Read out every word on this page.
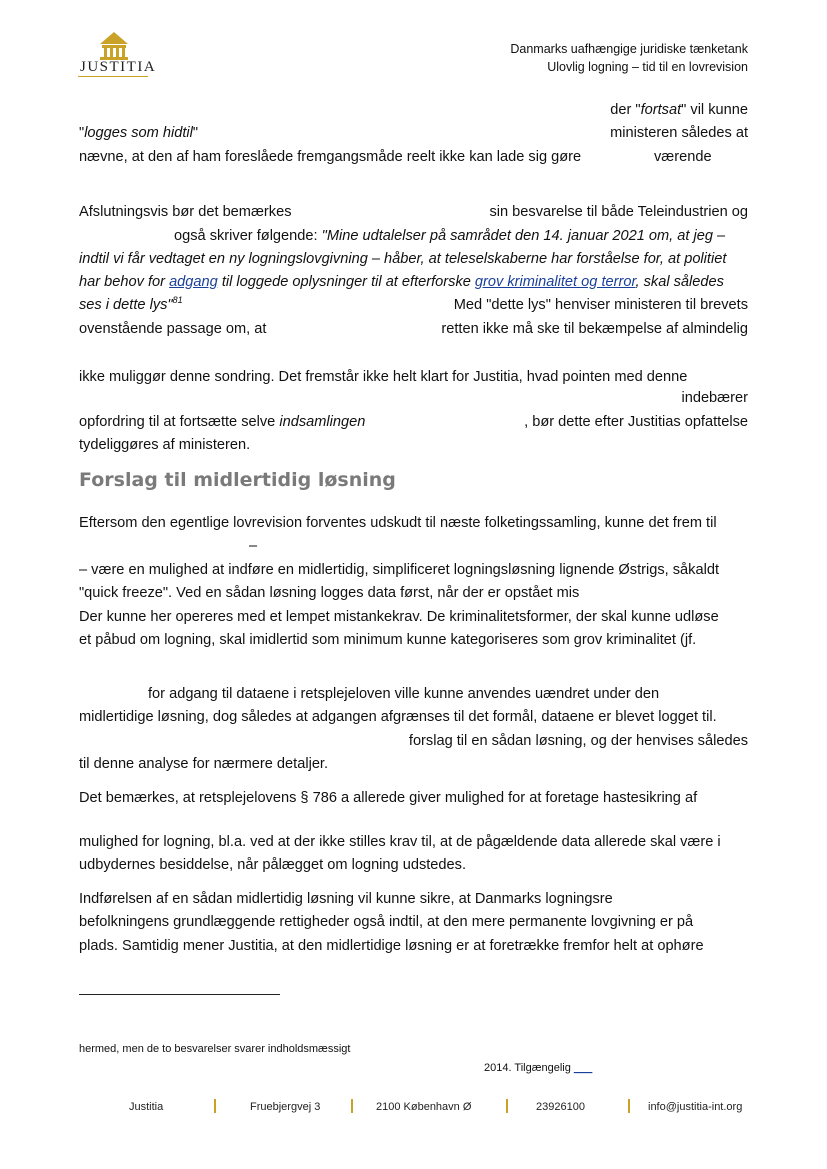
JUSTITIA
Danmarks uafhængige juridiske tænketank
Ulovlig logning – tid til en lovrevision
der "fortsat" vil kunne
"logges som hidtil"	ministeren således at
nævne, at den af ham foreslåede fremgangsmåde reelt ikke kan lade sig gøre	værende
Afslutningsvis bør det bemærkes	sin besvarelse til både Teleindustrien og
også skriver følgende: "Mine udtalelser på samrådet den 14. januar 2021 om, at jeg –
indtil vi får vedtaget en ny logningslovgivning – håber, at teleselskaberne har forståelse for, at politiet
har behov for adgang til loggede oplysninger til at efterforske grov kriminalitet og terror, skal således
ses i dette lys"$^{81}$	Med "dette lys" henviser ministeren til brevets
ovenstående passage om, at	retten ikke må ske til bekæmpelse af almindelig
ikke muliggør denne sondring. Det fremstår ikke helt klart for Justitia, hvad pointen med denne
indebærer
opfordring til at fortsætte selve indsamlingen	, bør dette efter Justitias opfattelse
tydeliggøres af ministeren.
Forslag til midlertidig løsning
Eftersom den egentlige lovrevision forventes udskudt til næste folketingssamling, kunne det frem til
–
– være en mulighed at indføre en midlertidig, simplificeret logningsløsning lignende Østrigs, såkaldt
"quick freeze". Ved en sådan løsning logges data først, når der er opstået mis
Der kunne her opereres med et lempet mistankekrav. De kriminalitetsformer, der skal kunne udløse
et påbud om logning, skal imidlertid som minimum kunne kategoriseres som grov kriminalitet (jf.
for adgang til dataene i retsplejeloven ville kunne anvendes uændret under den
midlertidige løsning, dog således at adgangen afgrænses til det formål, dataene er blevet logget til.
forslag til en sådan løsning, og der henvises således
til denne analyse for nærmere detaljer.
Det bemærkes, at retsplejelovens § 786 a allerede giver mulighed for at foretage hastesikring af
mulighed for logning, bl.a. ved at der ikke stilles krav til, at de pågældende data allerede skal være i
udbydernes besiddelse, når pålægget om logning udstedes.
Indførelsen af en sådan midlertidig løsning vil kunne sikre, at Danmarks logningsre
befolkningens grundlæggende rettigheder også indtil, at den mere permanente lovgivning er på
plads. Samtidig mener Justitia, at den midlertidige løsning er at foretrække fremfor helt at ophøre
hermed, men de to besvarelser svarer indholdsmæssigt
2014. Tilgængelig ___
Justitia	Fruebjergvej 3	2100 København Ø	23926100	info@justitia-int.org
